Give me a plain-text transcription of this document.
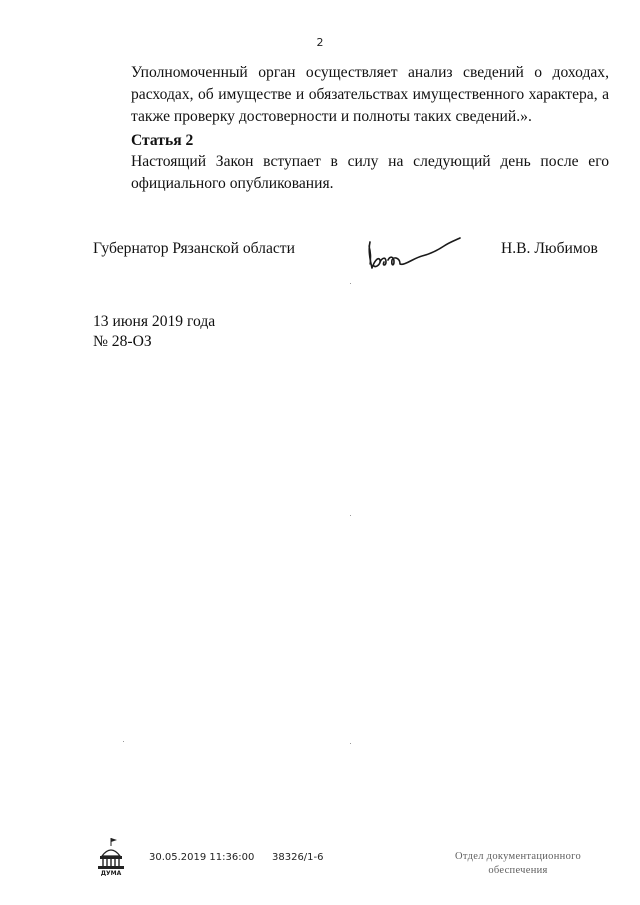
2
Уполномоченный орган осуществляет анализ сведений о доходах, расходах, об имуществе и обязательствах имущественного характера, а также проверку достоверности и полноты таких сведений.».
Статья 2
Настоящий Закон вступает в силу на следующий день после его официального опубликования.
Губернатор Рязанской области	Н.В. Любимов
13 июня 2019 года
№ 28-ОЗ
ДУМА
30.05.2019 11:36:00 38326/1-6	Отдел документационного
обеспечения
